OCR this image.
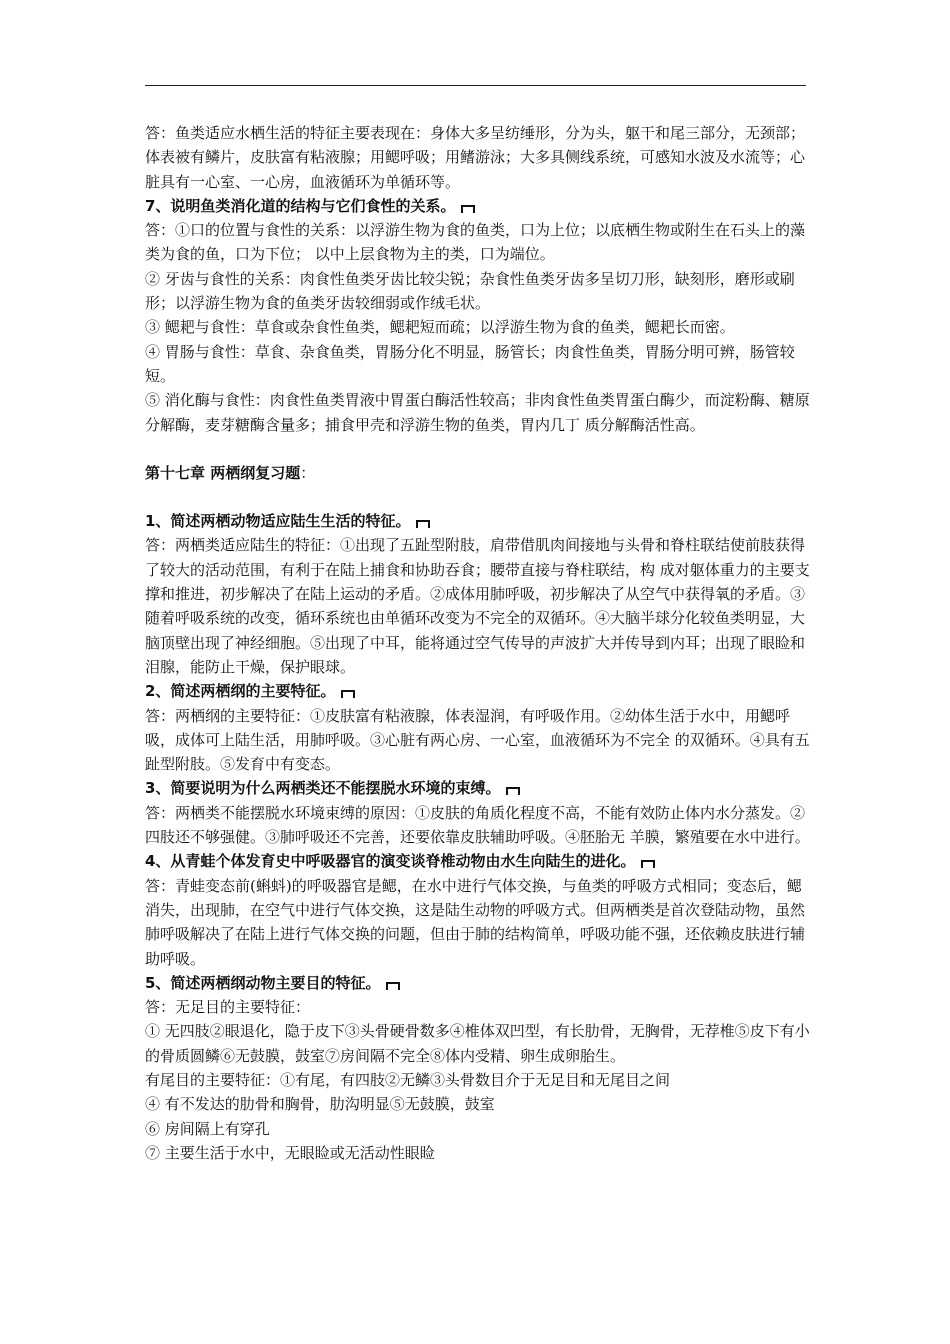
答：鱼类适应水栖生活的特征主要表现在：身体大多呈纺缍形，分为头，躯干和尾三部分，无颈部；体表被有鳞片，皮肤富有粘液腺；用鳃呼吸；用鳍游泳；大多具侧线系统，可感知水波及水流等；心脏具有一心室、一心房，血液循环为单循环等。

7、说明鱼类消化道的结构与它们食性的关系。

答：①口的位置与食性的关系：以浮游生物为食的鱼类，口为上位；以底栖生物或附生在石头上的藻类为食的鱼，口为下位； 以中上层食物为主的类，口为端位。

② 牙齿与食性的关系：肉食性鱼类牙齿比较尖锐；杂食性鱼类牙齿多呈切刀形，缺刻形，磨形或刷形；以浮游生物为食的鱼类牙齿较细弱或作绒毛状。

③ 鳃耙与食性：草食或杂食性鱼类，鳃耙短而疏；以浮游生物为食的鱼类，鳃耙长而密。

④ 胃肠与食性：草食、杂食鱼类，胃肠分化不明显，肠管长；肉食性鱼类，胃肠分明可辨，肠管较短。

⑤ 消化酶与食性：肉食性鱼类胃液中胃蛋白酶活性较高；非肉食性鱼类胃蛋白酶少，而淀粉酶、糖原分解酶，麦芽糖酶含量多；捕食甲壳和浮游生物的鱼类，胃内几丁 质分解酶活性高。

第十七章 两栖纲复习题：

1、简述两栖动物适应陆生生活的特征。

答：两栖类适应陆生的特征：①出现了五趾型附肢，肩带借肌肉间接地与头骨和脊柱联结使前肢获得了较大的活动范围，有利于在陆上捕食和协助吞食；腰带直接与脊柱联结，构 成对躯体重力的主要支撑和推进，初步解决了在陆上运动的矛盾。②成体用肺呼吸，初步解决了从空气中获得氧的矛盾。③随着呼吸系统的改变，循环系统也由单循环改变为不完全的双循环。④大脑半球分化较鱼类明显，大脑顶壁出现了神经细胞。⑤出现了中耳，能将通过空气传导的声波扩大并传导到内耳；出现了眼睑和泪腺，能防止干燥，保护眼球。

2、简述两栖纲的主要特征。

答：两栖纲的主要特征：①皮肤富有粘液腺，体表湿润，有呼吸作用。②幼体生活于水中，用鳃呼吸，成体可上陆生活，用肺呼吸。③心脏有两心房、一心室，血液循环为不完全 的双循环。④具有五趾型附肢。⑤发育中有变态。

3、简要说明为什么两栖类还不能摆脱水环境的束缚。

答：两栖类不能摆脱水环境束缚的原因：①皮肤的角质化程度不高，不能有效防止体内水分蒸发。②四肢还不够强健。③肺呼吸还不完善，还要依靠皮肤辅助呼吸。④胚胎无 羊膜，繁殖要在水中进行。

4、从青蛙个体发育史中呼吸器官的演变谈脊椎动物由水生向陆生的进化。

答：青蛙变态前(蝌蚪)的呼吸器官是鳃，在水中进行气体交换，与鱼类的呼吸方式相同；变态后，鳃消失，出现肺，在空气中进行气体交换，这是陆生动物的呼吸方式。但两栖类是首次登陆动物，虽然肺呼吸解决了在陆上进行气体交换的问题，但由于肺的结构简单，呼吸功能不强，还依赖皮肤进行辅助呼吸。

5、简述两栖纲动物主要目的特征。

答：无足目的主要特征：

① 无四肢②眼退化，隐于皮下③头骨硬骨数多④椎体双凹型，有长肋骨，无胸骨，无荐椎⑤皮下有小的骨质圆鳞⑥无鼓膜，鼓室⑦房间隔不完全⑧体内受精、卵生成卵胎生。

有尾目的主要特征：①有尾，有四肢②无鳞③头骨数目介于无足目和无尾目之间

④ 有不发达的肋骨和胸骨，肋沟明显⑤无鼓膜，鼓室

⑥ 房间隔上有穿孔

⑦ 主要生活于水中，无眼睑或无活动性眼睑
